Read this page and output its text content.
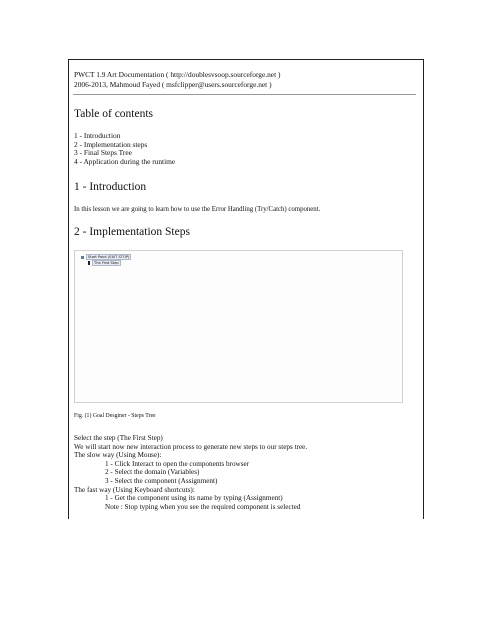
PWCT 1.9 Art Documentation ( http://doublesvsoop.sourceforge.net )
2006-2013, Mahmoud Fayed ( msfclipper@users.sourceforge.net )
Table of contents
1 - Introduction
2 - Implementation steps
3 - Final Steps Tree
4 - Application during the runtime
1 - Introduction
In this lesson we are going to learn how to use the Error Handling (Try/Catch) component.
2 - Implementation Steps
Start Point (EXIT STOP)
The First Step
Fig. (1) Goal Desginer - Steps Tree
Select the step (The First Step)
We will start now new interaction process to generate new steps to our steps tree.
The slow way (Using Mouse):
1 - Click Interact to open the components browser
2 - Select the domain (Variables)
3 - Select the component (Assignment)
The fast way (Using Keyboard shortcuts):
1 - Get the component using its name by typing (Assignment)
Note : Stop typing when you see the required component is selected
